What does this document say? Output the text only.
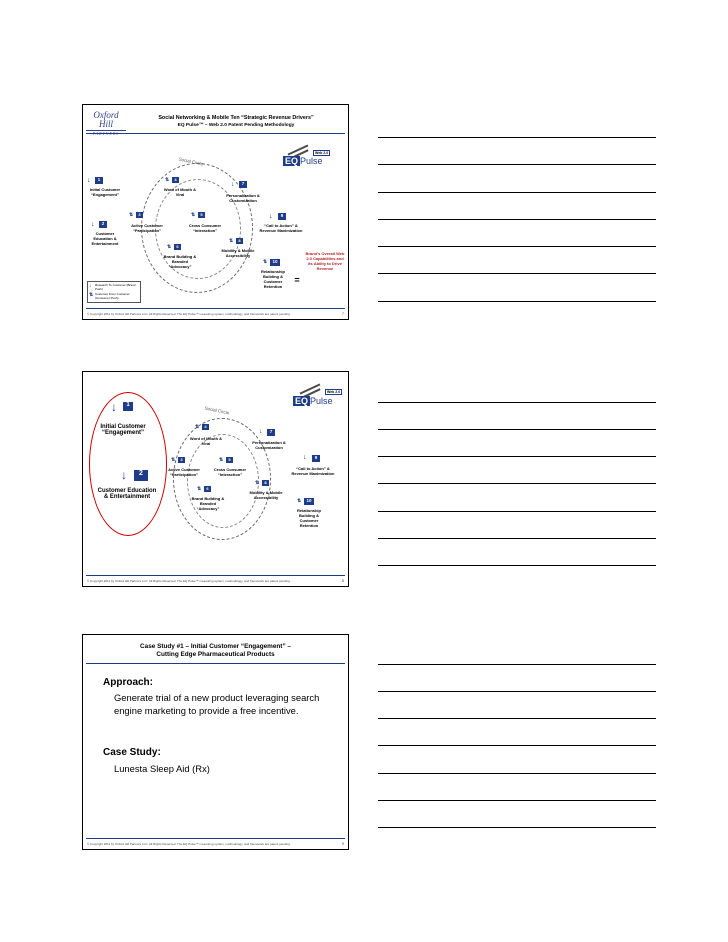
Oxford Hill
PARTNERS
Social Networking & Mobile Ten “Strategic Revenue Drivers”
EQ Pulse™ – Web 2.0 Patent Pending Methodology
EQ Pulse
Web 2.0
Social Circle
↓	1
Initial Customer “Engagement”
↓	2
Customer Education & Entertainment
⇅	3
Active Customer “Participation”
⇅	4
Word of Mouth & Viral
⇅	5
Cross Consumer “Interaction”
⇅	6
Brand Building & Branded “Advocacy”
↓	7
Personalization & Customization
⇅	8
Mobility & Mobile Accessibility
↓	9
“Call to Action” & Revenue Maximization
⇅	10
Relationship Building & Customer Retention
=
Brand’s Overall Web 2.0 Capabilities and its Ability to Drive Revenue
↓ Research To Customer (Brand Push)
⇅ Customer From Customer (Consumer Push)
© Copyright 2011 by Oxford Hill Partners LLC. All Rights Reserved. The EQ Pulse™ measuring system, methodology, and framework are patent pending.	7
EQ Pulse
Web 2.0
Social Circle
↓	1
Initial Customer “Engagement”
↓	2
Customer Education & Entertainment
⇅	3
Active Customer “Participation”
⇅	4
Word of Mouth & Viral
⇅	5
Cross Consumer “Interaction”
⇅	6
Brand Building & Branded “Advocacy”
↓	7
Personalization & Customization
⇅	8
Mobility & Mobile Accessibility
↓	9
“Call to Action” & Revenue Maximization
⇅	10
Relationship Building & Customer Retention
© Copyright 2011 by Oxford Hill Partners LLC. All Rights Reserved. The EQ Pulse™ measuring system, methodology, and framework are patent pending.	8
Case Study #1 – Initial Customer “Engagement” –
Cutting Edge Pharmaceutical Products
Approach:
Generate trial of a new product leveraging search engine marketing to provide a free incentive.
Case Study:
Lunesta Sleep Aid (Rx)
© Copyright 2011 by Oxford Hill Partners LLC. All Rights Reserved. The EQ Pulse™ measuring system, methodology, and framework are patent pending.	9
